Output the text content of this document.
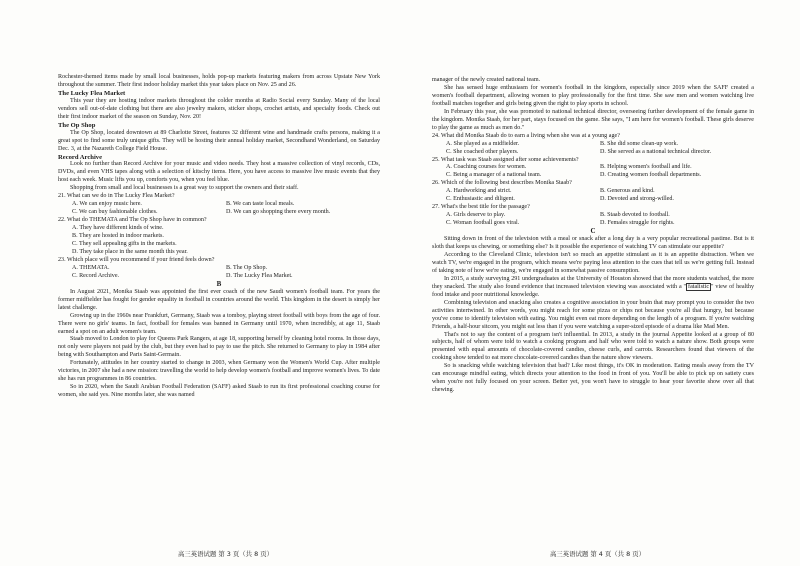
Rochester-themed items made by small local businesses, holds pop-up markets featuring makers from across Upstate New York throughout the summer. Their first indoor holiday market this year takes place on Nov. 25 and 26.

The Lucky Flea Market

This year they are hosting indoor markets throughout the colder months at Radio Social every Sunday. Many of the local vendors sell out-of-date clothing but there are also jewelry makers, sticker shops, crochet artists, and specialty foods. Check out their first indoor market of the season on Sunday, Nov. 20!

The Op Shop

The Op Shop, located downtown at 89 Charlotte Street, features 32 different wine and handmade crafts persons, making it a great spot to find some truly unique gifts. They will be hosting their annual holiday market, Secondhand Wonderland, on Saturday Dec. 3, at the Nazareth College Field House.

Record Archive

Look no further than Record Archive for your music and video needs. They host a massive collection of vinyl records, CDs, DVDs, and even VHS tapes along with a selection of kitschy items. Here, you have access to massive live music events that they host each week. Music lifts you up, comforts you, when you feel blue.

Shopping from small and local businesses is a great way to support the owners and their staff.

21. What can we do in The Lucky Flea Market?

A. We can enjoy music here.	B. We can taste local meals.
C. We can buy fashionable clothes.	D. We can go shopping there every month.

22. What do THEMATA and The Op Shop have in common?

A. They have different kinds of wine.

B. They are hosted in indoor markets.

C. They sell appealing gifts in the markets.

D. They take place in the same month this year.

23. Which place will you recommend if your friend feels down?

A. THEMATA.	B. The Op Shop.
C. Record Archive.	D. The Lucky Flea Market.

B

In August 2021, Monika Staab was appointed the first ever coach of the new Saudi women's football team. For years the former midfielder has fought for gender equality in football in countries around the world. This kingdom in the desert is simply her latest challenge.

Growing up in the 1960s near Frankfurt, Germany, Staab was a tomboy, playing street football with boys from the age of four. There were no girls' teams. In fact, football for females was banned in Germany until 1970, when incredibly, at age 11, Staab earned a spot on an adult women's team.

Staab moved to London to play for Queens Park Rangers, at age 18, supporting herself by cleaning hotel rooms. In those days, not only were players not paid by the club, but they even had to pay to use the pitch. She returned to Germany to play in 1984 after being with Southampton and Paris Saint-Germain.

Fortunately, attitudes in her country started to change in 2003, when Germany won the Women's World Cup. After multiple victories, in 2007 she had a new mission: travelling the world to help develop women's football and improve women's lives. To date she has run programmes in 86 countries.

So in 2020, when the Saudi Arabian Football Federation (SAFF) asked Staab to run its first professional coaching course for women, she said yes. Nine months later, she was named

manager of the newly created national team.

She has sensed huge enthusiasm for women's football in the kingdom, especially since 2019 when the SAFF created a women's football department, allowing women to play professionally for the first time. She saw men and women watching live football matches together and girls being given the right to play sports in school.

In February this year, she was promoted to national technical director, overseeing further development of the female game in the kingdom. Monika Staab, for her part, stays focused on the game. She says, "I am here for women's football. These girls deserve to play the game as much as men do."

24. What did Monika Staab do to earn a living when she was at a young age?

A. She played as a midfielder.	B. She did some clean-up work.
C. She coached other players.	D. She served as a national technical director.

25. What task was Staab assigned after some achievements?

A. Coaching courses for women.	B. Helping women's football and life.
C. Being a manager of a national team.	D. Creating women football departments.

26. Which of the following best describes Monika Staab?

A. Hardworking and strict.	B. Generous and kind.
C. Enthusiastic and diligent.	D. Devoted and strong-willed.

27. What's the best title for the passage?

A. Girls deserve to play.	B. Staab devoted to football.
C. Woman football goes viral.	D. Females struggle for rights.

C

Sitting down in front of the television with a meal or snack after a long day is a very popular recreational pastime. But is it sloth that keeps us chewing, or something else? Is it possible the experience of watching TV can stimulate our appetite?

According to the Cleveland Clinic, television isn't so much an appetite stimulant as it is an appetite distraction. When we watch TV, we're engaged in the program, which means we're paying less attention to the cues that tell us we're getting full. Instead of taking note of how we're eating, we're engaged in somewhat passive consumption.

In 2015, a study surveying 291 undergraduates at the University of Houston showed that the more students watched, the more they snacked. The study also found evidence that increased television viewing was associated with a " fatalistic " view of healthy food intake and poor nutritional knowledge.

Combining television and snacking also creates a cognitive association in your brain that may prompt you to consider the two activities intertwined. In other words, you might reach for some pizza or chips not because you're all that hungry, but because you've come to identify television with eating. You might even eat more depending on the length of a program. If you're watching Friends, a half-hour sitcom, you might eat less than if you were watching a super-sized episode of a drama like Mad Men.

That's not to say the content of a program isn't influential. In 2013, a study in the journal Appetite looked at a group of 80 subjects, half of whom were told to watch a cooking program and half who were told to watch a nature show. Both groups were presented with equal amounts of chocolate-covered candies, cheese curls, and carrots. Researchers found that viewers of the cooking show tended to eat more chocolate-covered candies than the nature show viewers.

So is snacking while watching television that bad? Like most things, it's OK in moderation. Eating meals away from the TV can encourage mindful eating, which directs your attention to the food in front of you. You'll be able to pick up on satiety cues when you're not fully focused on your screen. Better yet, you won't have to struggle to hear your favorite show over all that chewing.

高三英语试题 第 3 页（共 8 页）	高三英语试题 第 4 页（共 8 页）
